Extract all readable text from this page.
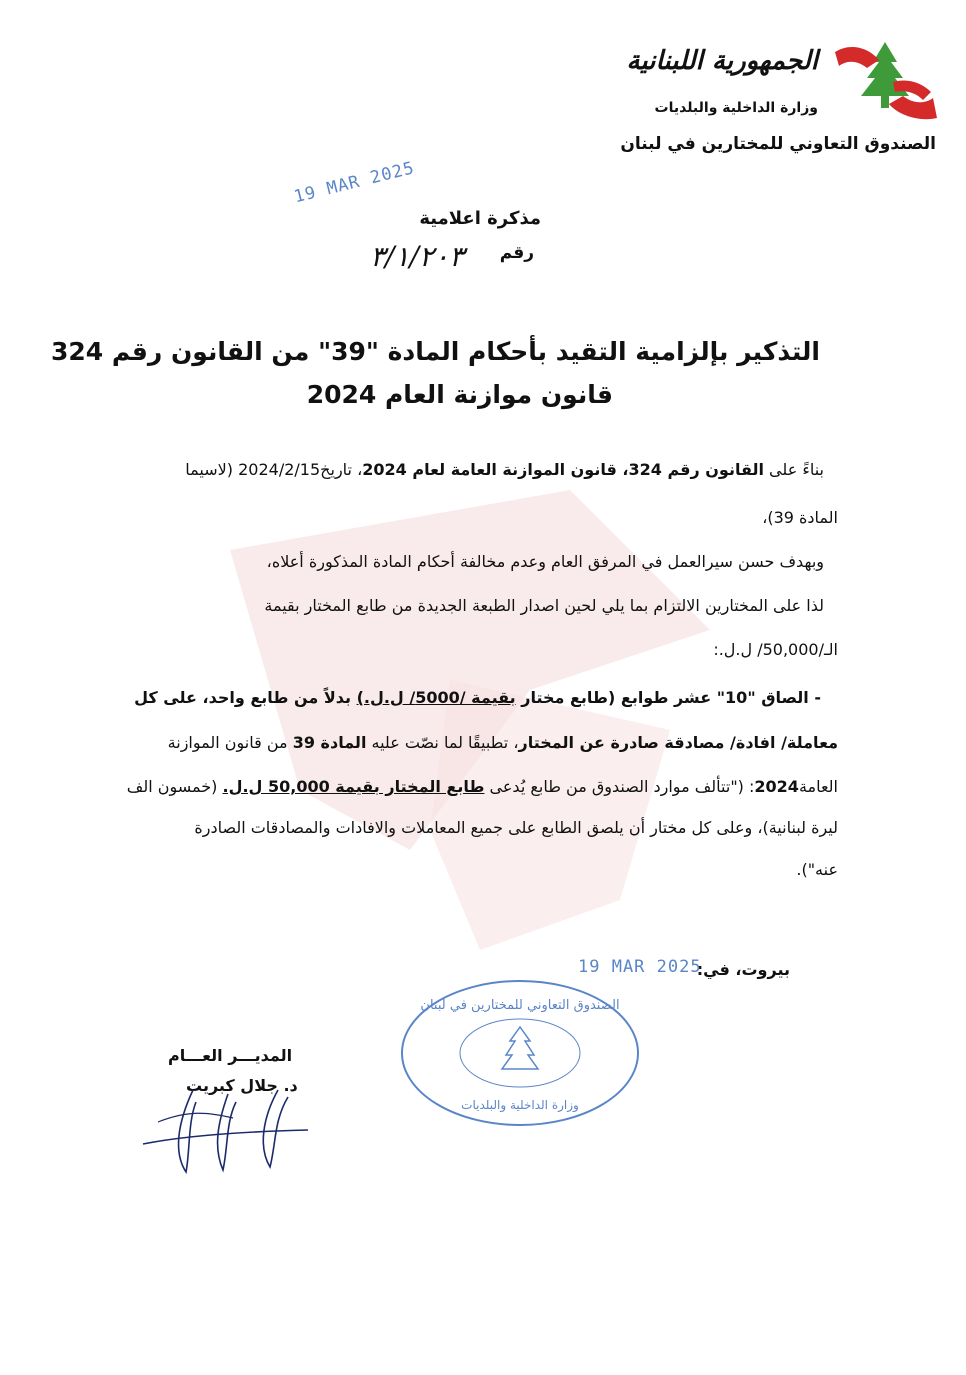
الجمهورية اللبنانية
وزارة الداخلية والبلديات
الصندوق التعاوني للمختارين في لبنان
19 MAR 2025
مذكرة اعلامية
رقم
٣/١/٢٠٣
التذكير بإلزامية التقيد بأحكام المادة "39" من القانون رقم 324
قانون موازنة العام 2024
بناءً على القانون رقم 324، قانون الموازنة العامة لعام 2024، تاريخ2024/2/15 (لاسيما
المادة 39)،
وبهدف حسن سيرالعمل في المرفق العام وعدم مخالفة أحكام المادة المذكورة أعلاه،
لذا على المختارين الالتزام بما يلي لحين اصدار الطبعة الجديدة من طابع المختار بقيمة
الـ/50,000/ ل.ل.:
- الصاق "10" عشر طوابع (طابع مختار بقيمة /5000/ ل.ل.) بدلاً من طابع واحد، على كل
معاملة/ افادة/ مصادقة صادرة عن المختار، تطبيقًا لما نصّت عليه المادة 39 من قانون الموازنة
العامة2024: ("تتألف موارد الصندوق من طابع يُدعى طابع المختار بقيمة 50,000 ل.ل. (خمسون الف
ليرة لبنانية)، وعلى كل مختار أن يلصق الطابع على جميع المعاملات والافادات والمصادقات الصادرة
عنه").
بيروت، في:
19 MAR 2025
الصندوق التعاوني للمختارين في لبنان
وزارة الداخلية والبلديات
المديـــر العـــام
د. جلال كبريت
